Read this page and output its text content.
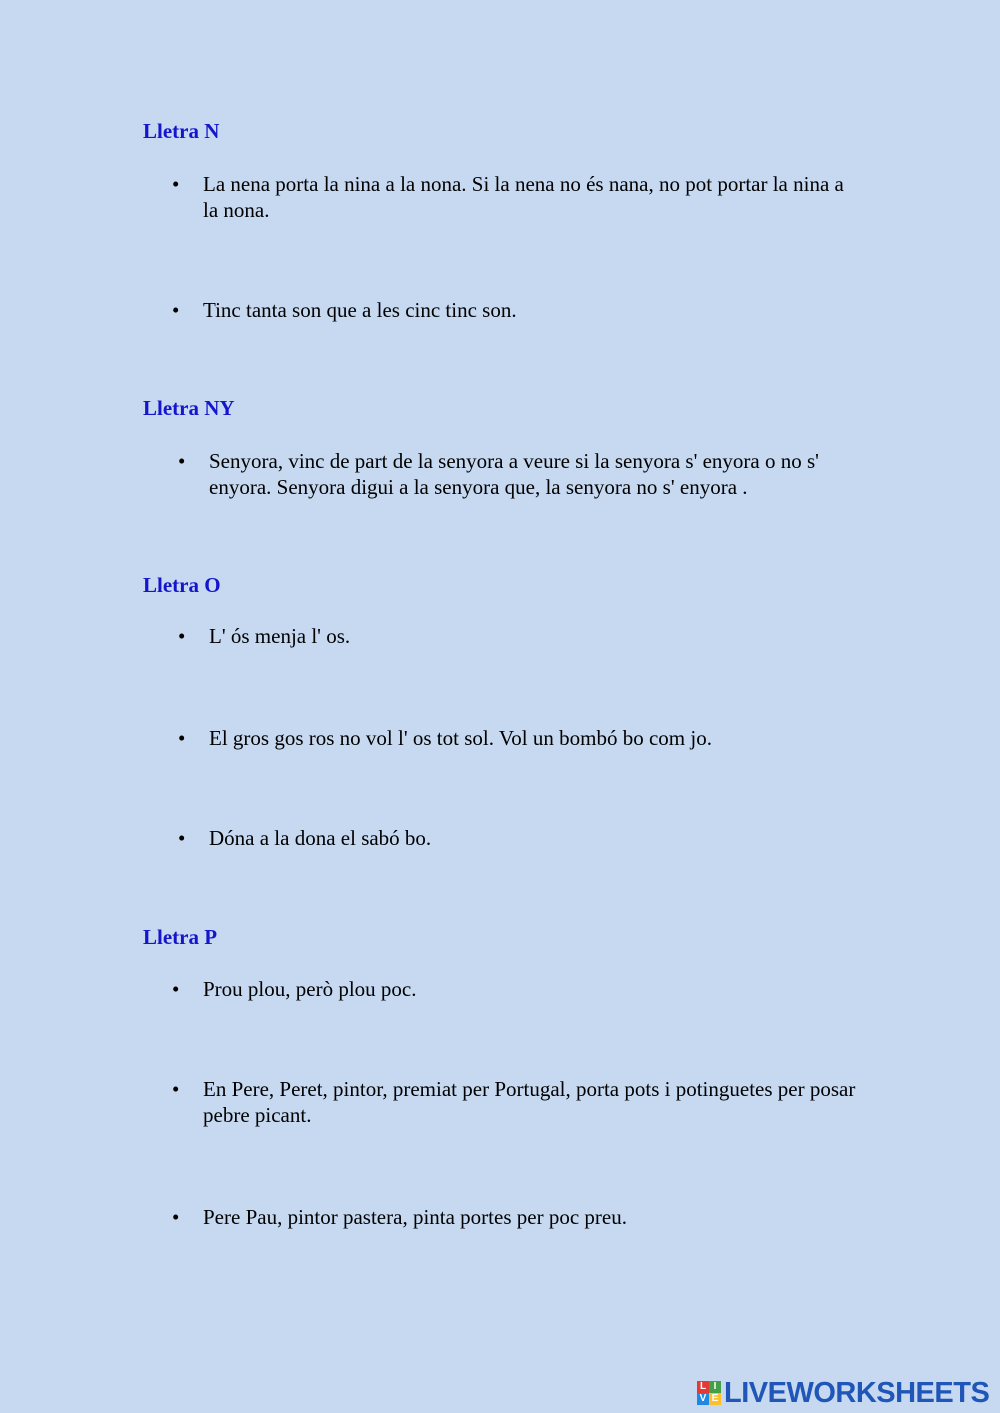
Lletra N
•	La nena porta la nina a la nona. Si la nena no és nana, no pot portar la nina a la nona.
•	Tinc tanta son que a les cinc tinc son.
Lletra NY
•	Senyora, vinc de part de la senyora a veure si la senyora s' enyora o no s' enyora. Senyora digui a la senyora que, la senyora no s' enyora .
Lletra O
•	L' ós menja l' os.
•	El gros gos ros no vol l' os tot sol. Vol un bombó bo com jo.
•	Dóna a la dona el sabó bo.
Lletra P
•	Prou plou, però plou poc.
•	En Pere, Peret, pintor, premiat per Portugal, porta pots i potinguetes per posar pebre picant.
•	Pere Pau, pintor pastera, pinta portes per poc preu.
L I
V E LIVEWORKSHEETS
